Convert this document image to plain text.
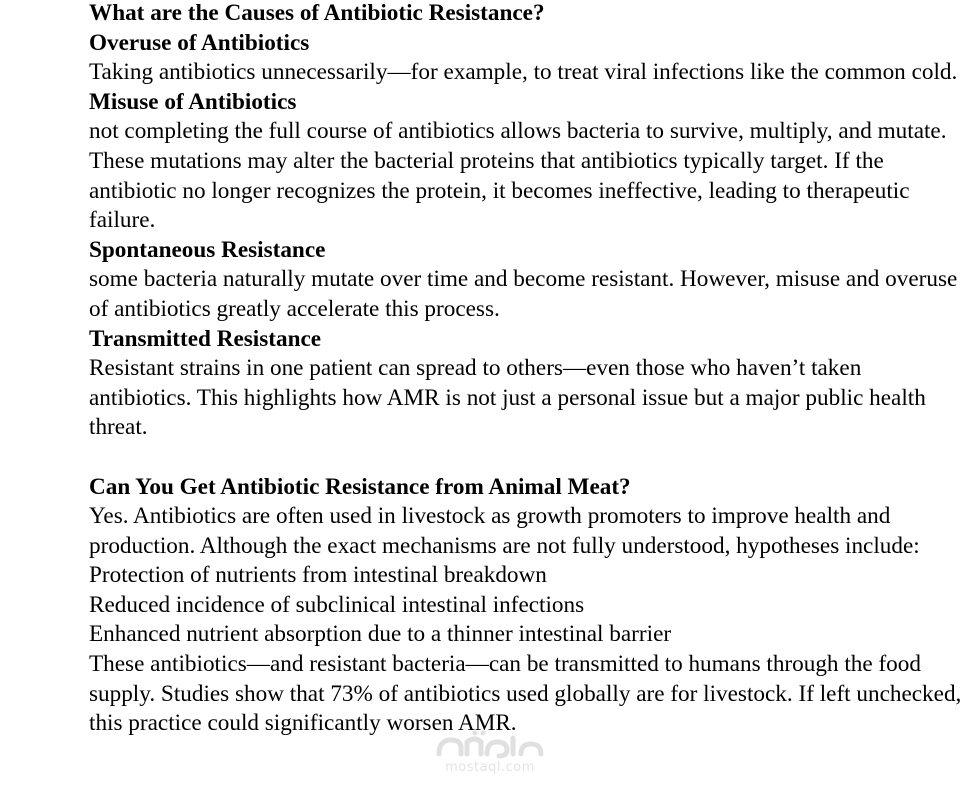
What are the Causes of Antibiotic Resistance?

Overuse of Antibiotics

Taking antibiotics unnecessarily—for example, to treat viral infections like the common cold.

Misuse of Antibiotics

not completing the full course of antibiotics allows bacteria to survive, multiply, and mutate. These mutations may alter the bacterial proteins that antibiotics typically target. If the antibiotic no longer recognizes the protein, it becomes ineffective, leading to therapeutic failure.

Spontaneous Resistance

some bacteria naturally mutate over time and become resistant. However, misuse and overuse of antibiotics greatly accelerate this process.

Transmitted Resistance

Resistant strains in one patient can spread to others—even those who haven’t taken antibiotics. This highlights how AMR is not just a personal issue but a major public health threat.

Can You Get Antibiotic Resistance from Animal Meat?

Yes. Antibiotics are often used in livestock as growth promoters to improve health and production. Although the exact mechanisms are not fully understood, hypotheses include:

Protection of nutrients from intestinal breakdown

Reduced incidence of subclinical intestinal infections

Enhanced nutrient absorption due to a thinner intestinal barrier

These antibiotics—and resistant bacteria—can be transmitted to humans through the food supply. Studies show that 73% of antibiotics used globally are for livestock. If left unchecked, this practice could significantly worsen AMR.

mostaql.com
